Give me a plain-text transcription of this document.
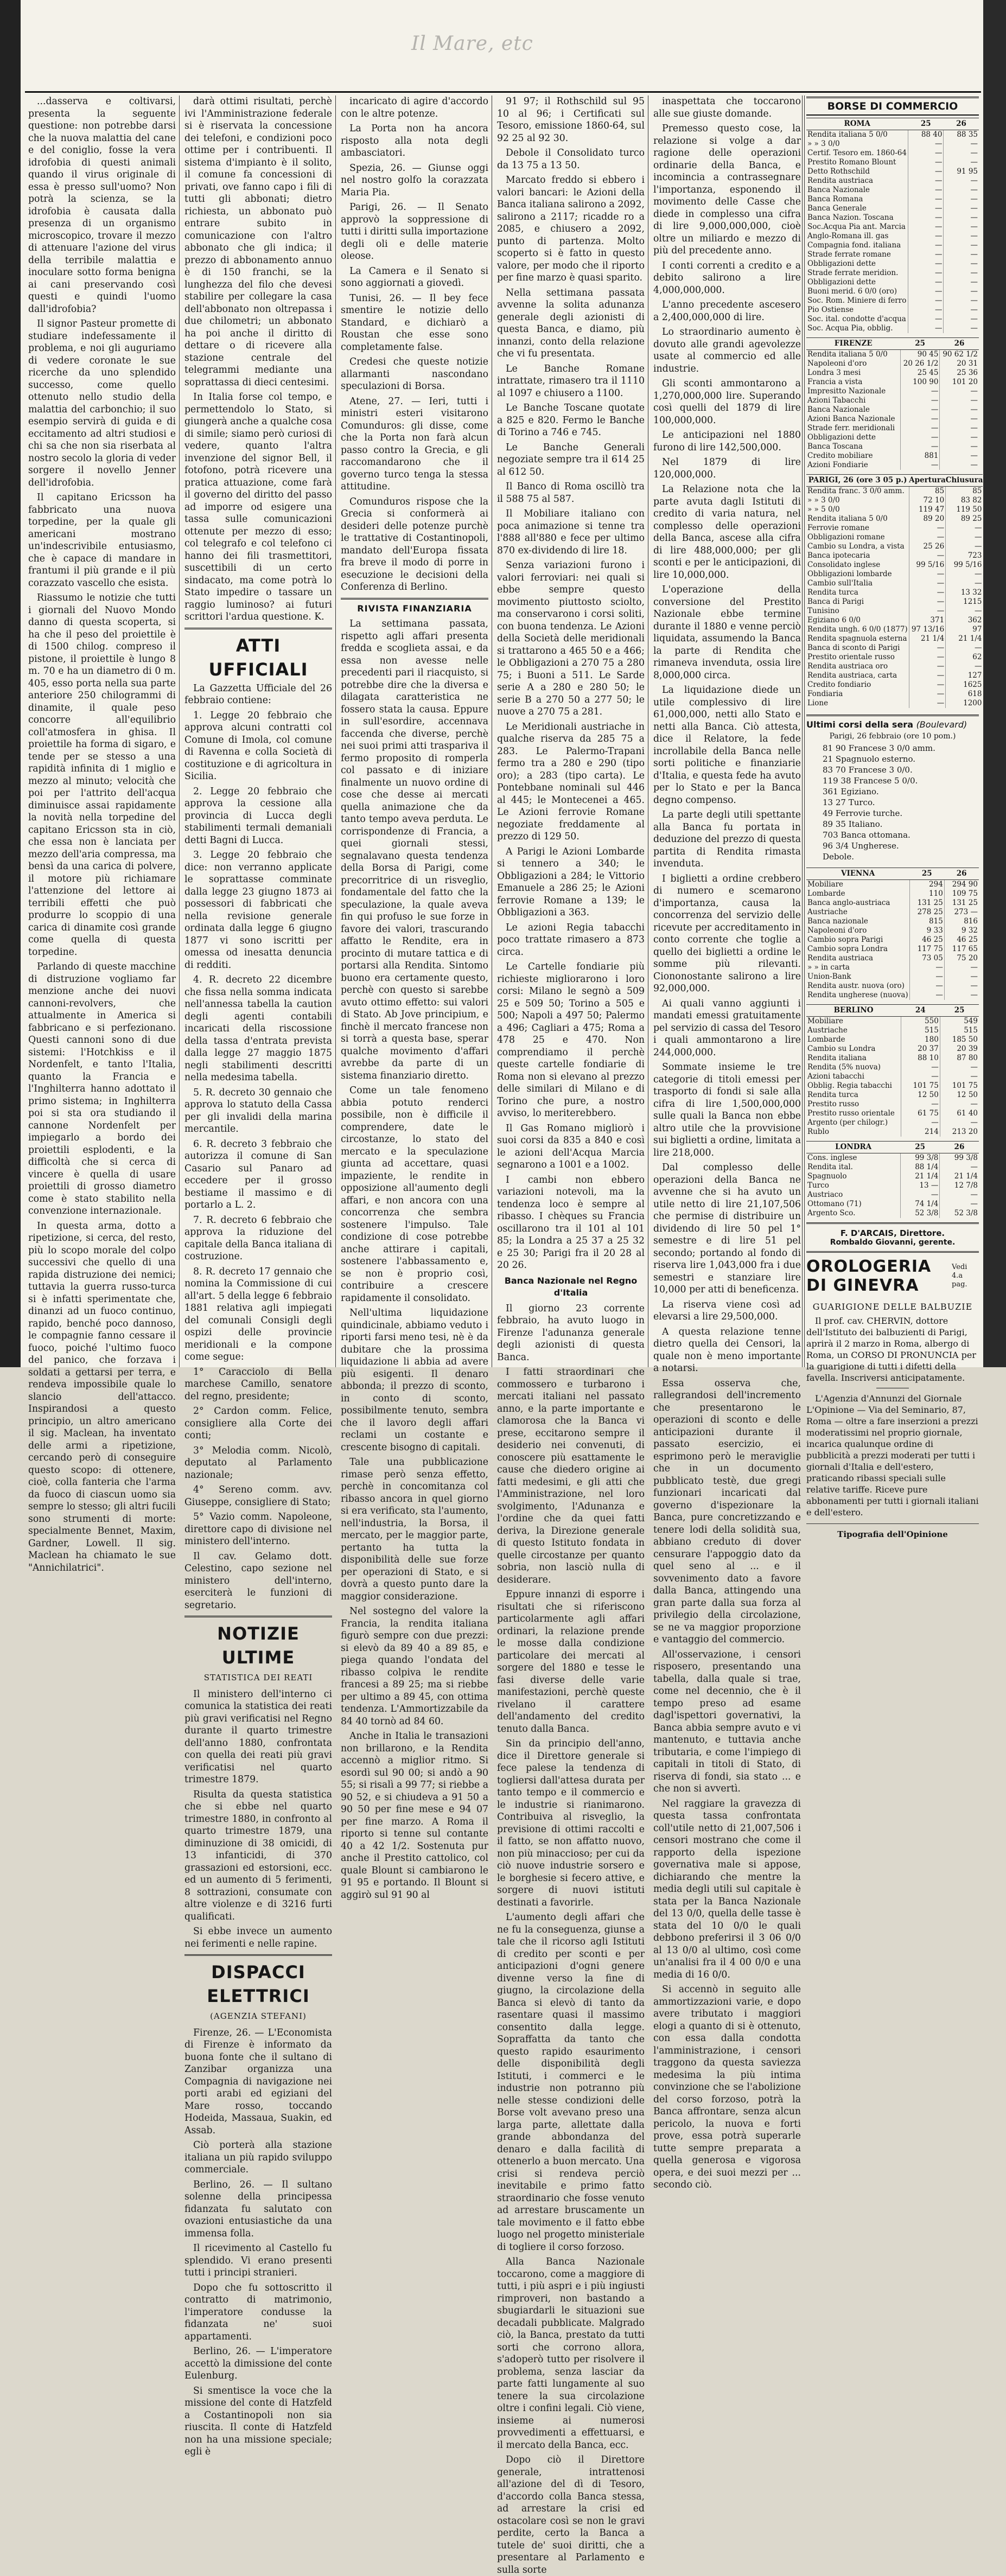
Il Mare, etc

...dasserva e coltivarsi, presenta la seguente questione: non potrebbe darsi che la nuova malattia del cane e del coniglio, fosse la vera idrofobia di questi animali quando il virus originale di essa è presso sull'uomo? Non potrà la scienza, se la idrofobia è causata dalla presenza di un organismo microscopico, trovare il mezzo di attenuare l'azione del virus della terribile malattia e inoculare sotto forma benigna ai cani preservando così questi e quindi l'uomo dall'idrofobia?

Il signor Pasteur promette di studiare indefessamente il problema, e noi gli auguriamo di vedere coronate le sue ricerche da uno splendido successo, come quello ottenuto nello studio della malattia del carbonchio; il suo esempio servirà di guida e di eccitamento ad altri studiosi e chi sa che non sia riserbata al nostro secolo la gloria di veder sorgere il novello Jenner dell'idrofobia.

Il capitano Ericsson ha fabbricato una nuova torpedine, per la quale gli americani mostrano un'indescrivibile entusiasmo, che è capace di mandare in frantumi il più grande e il più corazzato vascello che esista.

Riassumo le notizie che tutti i giornali del Nuovo Mondo danno di questa scoperta, si ha che il peso del proiettile è di 1500 chilog. compreso il pistone, il proiettile è lungo 8 m. 70 e ha un diametro di 0 m. 405, esso porta nella sua parte anteriore 250 chilogrammi di dinamite, il quale peso concorre all'equilibrio coll'atmosfera in ghisa. Il proiettile ha forma di sigaro, e tende per se stesso a una rapidità infinita di 1 miglio e mezzo al minuto; velocità che poi per l'attrito dell'acqua diminuisce assai rapidamente la novità nella torpedine del capitano Ericsson sta in ciò, che essa non è lanciata per mezzo dell'aria compressa, ma bensì da una carica di polvere, il motore più richiamare l'attenzione del lettore ai terribili effetti che può produrre lo scoppio di una carica di dinamite così grande come quella di questa torpedine.

Parlando di queste macchine di distruzione vogliamo far menzione anche dei nuovi cannoni-revolvers, che attualmente in America si fabbricano e si perfezionano. Questi cannoni sono di due sistemi: l'Hotchkiss e il Nordenfelt, e tanto l'Italia, quanto la Francia e l'Inghilterra hanno adottato il primo sistema; in Inghilterra poi si sta ora studiando il cannone Nordenfelt per impiegarlo a bordo dei proiettili esplodenti, e la difficoltà che si cerca di vincere è quella di usare proiettili di grosso diametro come è stato stabilito nella convenzione internazionale.

In questa arma, dotto a ripetizione, si cerca, del resto, più lo scopo morale del colpo successivi che quello di una rapida distruzione dei nemici; tuttavia la guerra russo-turca si è infatti sperimentate che, dinanzi ad un fuoco continuo, rapido, benché poco dannoso, le compagnie fanno cessare il fuoco, poiché l'ultimo fuoco del panico, che forzava i soldati a gettarsi per terra, e rendeva impossibile quale lo slancio dell'attacco. Inspirandosi a questo principio, un altro americano il sig. Maclean, ha inventato delle armi a ripetizione, cercando però di conseguire questo scopo: di ottenere, cioè, colla fanteria che l'arma da fuoco di ciascun uomo sia sempre lo stesso; gli altri fucili sono strumenti di morte: specialmente Bennet, Maxim, Gardner, Lowell. Il sig. Maclean ha chiamato le sue "Annichilatrici".

darà ottimi risultati, perchè ivi l'Amministrazione federale si è riservata la concessione dei telefoni, e condizioni poco ottime per i contribuenti. Il sistema d'impianto è il solito, il comune fa concessioni di privati, ove fanno capo i fili di tutti gli abbonati; dietro richiesta, un abbonato può entrare subito in comunicazione con l'altro abbonato che gli indica; il prezzo di abbonamento annuo è di 150 franchi, se la lunghezza del filo che devesi stabilire per collegare la casa dell'abbonato non oltrepassa i due chilometri; un abbonato ha poi anche il diritto di dettare o di ricevere alla stazione centrale del telegrammi mediante una soprattassa di dieci centesimi.

In Italia forse col tempo, e permettendolo lo Stato, si giungerà anche a qualche cosa di simile; siamo però curiosi di vedere, quanto l'altra invenzione del signor Bell, il fotofono, potrà ricevere una pratica attuazione, come farà il governo del diritto del passo ad imporre od esigere una tassa sulle comunicazioni ottenute per mezzo di esso; col telegrafo e col telefono ci hanno dei fili trasmettitori, suscettibili di un certo sindacato, ma come potrà lo Stato impedire o tassare un raggio luminoso? ai futuri scrittori l'ardua questione. K.

ATTI UFFICIALI

La Gazzetta Ufficiale del 26 febbraio contiene:

1. Legge 20 febbraio che approva alcuni contratti col Comune di Imola, col comune di Ravenna e colla Società di costituzione e di agricoltura in Sicilia.

2. Legge 20 febbraio che approva la cessione alla provincia di Lucca degli stabilimenti termali demaniali detti Bagni di Lucca.

3. Legge 20 febbraio che dice: non verranno applicate le soprattasse comminate dalla legge 23 giugno 1873 ai possessori di fabbricati che nella revisione generale ordinata dalla legge 6 giugno 1877 vi sono iscritti per omessa od inesatta denuncia di redditi.

4. R. decreto 22 dicembre che fissa nella somma indicata nell'annessa tabella la caution degli agenti contabili incaricati della riscossione della tassa d'entrata prevista dalla legge 27 maggio 1875 negli stabilimenti descritti nella medesima tabella.

5. R. decreto 30 gennaio che approva lo statuto della Cassa per gli invalidi della marina mercantile.

6. R. decreto 3 febbraio che autorizza il comune di San Casario sul Panaro ad eccedere per il grosso bestiame il massimo e di portarlo a L. 2.

7. R. decreto 6 febbraio che approva la riduzione del capitale della Banca italiana di costruzione.

8. R. decreto 17 gennaio che nomina la Commissione di cui all'art. 5 della legge 6 febbraio 1881 relativa agli impiegati del comunali Consigli degli ospizi delle provincie meridionali e la compone come segue:

1° Caracciolo di Bella marchese Camillo, senatore del regno, presidente;

2° Cardon comm. Felice, consigliere alla Corte dei conti;

3° Melodia comm. Nicolò, deputato al Parlamento nazionale;

4° Sereno comm. avv. Giuseppe, consigliere di Stato;

5° Vazio comm. Napoleone, direttore capo di divisione nel ministero dell'interno.

Il cav. Gelamo dott. Celestino, capo sezione nel ministero dell'interno, eserciterà le funzioni di segretario.

NOTIZIE ULTIME
STATISTICA DEI REATI

Il ministero dell'interno ci comunica la statistica dei reati più gravi verificatisi nel Regno durante il quarto trimestre dell'anno 1880, confrontata con quella dei reati più gravi verificatisi nel quarto trimestre 1879.

Risulta da questa statistica che si ebbe nel quarto trimestre 1880, in confronto al quarto trimestre 1879, una diminuzione di 38 omicidi, di 13 infanticidi, di 370 grassazioni ed estorsioni, ecc. ed un aumento di 5 ferimenti, 8 sottrazioni, consumate con altre violenze e di 3216 furti qualificati.

Si ebbe invece un aumento nei ferimenti e nelle rapine.

DISPACCI ELETTRICI
(AGENZIA STEFANI)

Firenze, 26. — L'Economista di Firenze è informato da buona fonte che il sultano di Zanzibar organizza una Compagnia di navigazione nei porti arabi ed egiziani del Mare rosso, toccando Hodeida, Massaua, Suakin, ed Assab.

Ciò porterà alla stazione italiana un più rapido sviluppo commerciale.

Berlino, 26. — Il sultano solenne della principessa fidanzata fu salutato con ovazioni entusiastiche da una immensa folla.

Il ricevimento al Castello fu splendido. Vi erano presenti tutti i principi stranieri.

Dopo che fu sottoscritto il contratto di matrimonio, l'imperatore condusse la fidanzata ne' suoi appartamenti.

Berlino, 26. — L'imperatore accettò la dimissione del conte Eulenburg.

Si smentisce la voce che la missione del conte di Hatzfeld a Costantinopoli non sia riuscita. Il conte di Hatzfeld non ha una missione speciale; egli è

incaricato di agire d'accordo con le altre potenze.

La Porta non ha ancora risposto alla nota degli ambasciatori.

Spezia, 26. — Giunse oggi nel nostro golfo la corazzata Maria Pia.

Parigi, 26. — Il Senato approvò la soppressione di tutti i diritti sulla importazione degli oli e delle materie oleose.

La Camera e il Senato si sono aggiornati a giovedì.

Tunisi, 26. — Il bey fece smentire le notizie dello Standard, e dichiarò a Roustan che esse sono completamente false.

Credesi che queste notizie allarmanti nascondano speculazioni di Borsa.

Atene, 27. — Ieri, tutti i ministri esteri visitarono Comunduros: gli disse, come che la Porta non farà alcun passo contro la Grecia, e gli raccomandarono che il governo turco tenga la stessa attitudine.

Comunduros rispose che la Grecia si conformerà ai desideri delle potenze purchè le trattative di Costantinopoli, mandato dell'Europa fissata fra breve il modo di porre in esecuzione le decisioni della Conferenza di Berlino.

RIVISTA FINANZIARIA

La settimana passata, rispetto agli affari presenta fredda e scoglieta assai, e da essa non avesse nelle precedenti pari il riacquisto, si potrebbe dire che la diversa e dilagata caratteristica ne fossero stata la causa. Eppure in sull'esordire, accennava faccenda che diverse, perchè nei suoi primi atti traspariva il fermo proposito di romperla col passato e di iniziare finalmente un nuovo ordine di cose che desse ai mercati quella animazione che da tanto tempo aveva perduta. Le corrispondenze di Francia, a quei giornali stessi, segnalavano questa tendenza della Borsa di Parigi, come precorritrice di un risveglio, fondamentale del fatto che la speculazione, la quale aveva fin qui profuso le sue forze in favore dei valori, trascurando affatto le Rendite, era in procinto di mutare tattica e di portarsi alla Rendita. Sintomo buono era certamente questo, perchè con questo si sarebbe avuto ottimo effetto: sui valori di Stato. Ab Jove principium, e finchè il mercato francese non si torrà a questa base, sperar qualche movimento d'affari avrebbe da parte di un sistema finanziario diretto.

Come un tale fenomeno abbia potuto renderci possibile, non è difficile il comprendere, date le circostanze, lo stato del mercato e la speculazione giunta ad accettare, quasi impaziente, le rendite in opposizione all'aumento degli affari, e non ancora con una concorrenza che sembra sostenere l'impulso. Tale condizione di cose potrebbe anche attirare i capitali, sostenere l'abbassamento e, se non è proprio così, contribuire a crescere rapidamente il consolidato.

Nell'ultima liquidazione quindicinale, abbiamo veduto i riporti farsi meno tesi, nè è da dubitare che la prossima liquidazione li abbia ad avere più esigenti. Il denaro abbonda; il prezzo di sconto, in conto di sconto, possibilmente tenuto, sembra che il lavoro degli affari reclami un costante e crescente bisogno di capitali.

Tale una pubblicazione rimase però senza effetto, perchè in concomitanza col ribasso ancora in quel giorno si era verificato, sta l'aumento, nell'industria, la Borsa, il mercato, per le maggior parte, pertanto ha tutta la disponibilità delle sue forze per operazioni di Stato, e si dovrà a questo punto dare la maggior considerazione.

Nel sostegno del valore la Francia, la rendita italiana figurò sempre con due prezzi: si elevò da 89 40 a 89 85, e piega quando l'ondata del ribasso colpiva le rendite francesi a 89 25; ma si riebbe per ultimo a 89 45, con ottima tendenza. L'Ammortizzabile da 84 40 tornò ad 84 60.

Anche in Italia le transazioni non brillarono, e la Rendita accennò a miglior ritmo. Si esordì sul 90 00; si andò a 90 55; si risalì a 99 77; si riebbe a 90 52, e si chiudeva a 91 50 a 90 50 per fine mese e 94 07 per fine marzo. A Roma il riporto si tenne sul contante 40 a 42 1/2. Sostenuta pur anche il Prestito cattolico, col quale Blount si cambiarono le 91 95 e portando. Il Blount si aggirò sul 91 90 al

91 97; il Rothschild sul 95 10 al 96; i Certificati sul Tesoro, emissione 1860-64, sul 92 25 al 92 30.

Debole il Consolidato turco da 13 75 a 13 50.

Marcato freddo si ebbero i valori bancari: le Azioni della Banca italiana salirono a 2092, salirono a 2117; ricadde ro a 2085, e chiusero a 2092, punto di partenza. Molto scoperto si è fatto in questo valore, per modo che il riporto per fine marzo è quasi sparito.

Nella settimana passata avvenne la solita adunanza generale degli azionisti di questa Banca, e diamo, più innanzi, conto della relazione che vi fu presentata.

Le Banche Romane intrattate, rimasero tra il 1110 al 1097 e chiusero a 1100.

Le Banche Toscane quotate a 825 e 820. Fermo le Banche di Torino a 746 e 745.

Le Banche Generali negoziate sempre tra il 614 25 al 612 50.

Il Banco di Roma oscillò tra il 588 75 al 587.

Il Mobiliare italiano con poca animazione si tenne tra l'888 all'880 e fece per ultimo 870 ex-dividendo di lire 18.

Senza variazioni furono i valori ferroviari: nei quali si ebbe sempre questo movimento piuttosto sciolto, ma conservarono i corsi soliti, con buona tendenza. Le Azioni della Società delle meridionali si trattarono a 465 50 e a 466; le Obbligazioni a 270 75 a 280 75; i Buoni a 511. Le Sarde serie A a 280 e 280 50; le serie B a 270 50 a 277 50; le nuove a 270 75 a 281.

Le Meridionali austriache in qualche riserva da 285 75 a 283. Le Palermo-Trapani fermo tra a 280 e 290 (tipo oro); a 283 (tipo carta). Le Pontebbane nominali sul 446 al 445; le Montecenei a 465. Le Azioni ferrovie Romane negoziate freddamente al prezzo di 129 50.

A Parigi le Azioni Lombarde si tennero a 340; le Obbligazioni a 284; le Vittorio Emanuele a 286 25; le Azioni ferrovie Romane a 139; le Obbligazioni a 363.

Le azioni Regia tabacchi poco trattate rimasero a 873 circa.

Le Cartelle fondiarie più richieste migliorarono i loro corsi: Milano le segnò a 509 25 e 509 50; Torino a 505 e 500; Napoli a 497 50; Palermo a 496; Cagliari a 475; Roma a 478 25 e 470. Non comprendiamo il perchè queste cartelle fondiarie di Roma non si elevano al prezzo delle similari di Milano e di Torino che pure, a nostro avviso, lo meriterebbero.

Il Gas Romano migliorò i suoi corsi da 835 a 840 e così le azioni dell'Acqua Marcia segnarono a 1001 e a 1002.

I cambi non ebbero variazioni notevoli, ma la tendenza loco è sempre al ribasso. I chèques su Francia oscillarono tra il 101 al 101 85; la Londra a 25 37 a 25 32 e 25 30; Parigi fra il 20 28 al 20 26.

Banca Nazionale nel Regno d'Italia

Il giorno 23 corrente febbraio, ha avuto luogo in Firenze l'adunanza generale degli azionisti di questa Banca.

I fatti straordinari che commossero e turbarono i mercati italiani nel passato anno, e la parte importante e clamorosa che la Banca vi prese, eccitarono sempre il desiderio nei convenuti, di conoscere più esattamente le cause che diedero origine ai fatti medesimi, e gli atti che l'Amministrazione, nel loro svolgimento, l'Adunanza e l'ordine che da quei fatti deriva, la Direzione generale di questo Istituto fondata in quelle circostanze per quanto sobria, non lasciò nulla di desiderare.

Eppure innanzi di esporre i risultati che si riferiscono particolarmente agli affari ordinari, la relazione prende le mosse dalla condizione particolare dei mercati al sorgere del 1880 e tesse le fasi diverse delle varie manifestazioni, perchè queste rivelano il carattere dell'andamento del credito tenuto dalla Banca.

Sin da principio dell'anno, dice il Direttore generale si fece palese la tendenza di togliersi dall'attesa durata per tanto tempo e il commercio e le industrie si rianimarono. Contribuiva al risveglio, la previsione di ottimi raccolti e il fatto, se non affatto nuovo, non più minaccioso; per cui da ciò nuove industrie sorsero e le borghesie si fecero attive, e sorgere di nuovi istituti destinati a favorirle.

L'aumento degli affari che ne fu la conseguenza, giunse a tale che il ricorso agli Istituti di credito per sconti e per anticipazioni d'ogni genere divenne verso la fine di giugno, la circolazione della Banca si elevò di tanto da rasentare quasi il massimo consentito dalla legge. Sopraffatta da tanto che questo rapido esaurimento delle disponibilità degli Istituti, i commerci e le industrie non potranno più nelle stesse condizioni delle Borse volt avevano preso una larga parte, allettate dalla grande abbondanza del denaro e dalla facilità di ottenerlo a buon mercato. Una crisi si rendeva perciò inevitabile e primo fatto straordinario che fosse venuto ad arrestare bruscamente un tale movimento e il fatto ebbe luogo nel progetto ministeriale di togliere il corso forzoso.

Alla Banca Nazionale toccarono, come a maggiore di tutti, i più aspri e i più ingiusti rimproveri, non bastando a sbugiardarli le situazioni sue decadali pubblicate. Malgrado ciò, la Banca, prestato da tutti sorti che corrono allora, s'adoperò tutto per risolvere il problema, senza lasciar da parte fatti lungamente al suo tenere la sua circolazione oltre i confini legali. Ciò viene, insieme ai numerosi provvedimenti a effettuarsi, e il mercato della Banca, ecc.

Dopo ciò il Direttore generale, intrattenosi all'azione del dì di Tesoro, d'accordo colla Banca stessa, ad arrestare la crisi ed ostacolare così se non le gravi perdite, certo la Banca a tutele de' suoi diritti, che a presentare al Parlamento e sulla sorte

inaspettata che toccarono alle sue giuste domande.

Premesso questo cose, la relazione si volge a dar ragione delle operazioni ordinarie della Banca, e incomincia a contrassegnare l'importanza, esponendo il movimento delle Casse che diede in complesso una cifra di lire 9,000,000,000, cioè oltre un miliardo e mezzo di più del precedente anno.

I conti correnti a credito e a debito salirono a lire 4,000,000,000.

L'anno precedente ascesero a 2,400,000,000 di lire.

Lo straordinario aumento è dovuto alle grandi agevolezze usate al commercio ed alle industrie.

Gli sconti ammontarono a 1,270,000,000 lire. Superando così quelli del 1879 di lire 100,000,000.

Le anticipazioni nel 1880 furono di lire 142,500,000.

Nel 1879 di lire 120,000,000.

La Relazione nota che la parte avuta dagli Istituti di credito di varia natura, nel complesso delle operazioni della Banca, ascese alla cifra di lire 488,000,000; per gli sconti e per le anticipazioni, di lire 10,000,000.

L'operazione della conversione del Prestito Nazionale ebbe termine durante il 1880 e venne perciò liquidata, assumendo la Banca la parte di Rendita che rimaneva invenduta, ossia lire 8,000,000 circa.

La liquidazione diede un utile complessivo di lire 61,000,000, netti allo Stato e netti alla Banca. Ciò attesta, dice il Relatore, la fede incrollabile della Banca nelle sorti politiche e finanziarie d'Italia, e questa fede ha avuto per lo Stato e per la Banca degno compenso.

La parte degli utili spettante alla Banca fu portata in deduzione del prezzo di questa partita di Rendita rimasta invenduta.

I biglietti a ordine crebbero di numero e scemarono d'importanza, causa la concorrenza del servizio delle ricevute per accreditamento in conto corrente che toglie a quello dei biglietti a ordine le somme più rilevanti. Ciononostante salirono a lire 92,000,000.

Ai quali vanno aggiunti i mandati emessi gratuitamente pel servizio di cassa del Tesoro i quali ammontarono a lire 244,000,000.

Sommate insieme le tre categorie di titoli emessi per trasporto di fondi si sale alla cifra di lire 1,500,000,000 sulle quali la Banca non ebbe altro utile che la provvisione sui biglietti a ordine, limitata a lire 218,000.

Dal complesso delle operazioni della Banca ne avvenne che si ha avuto un utile netto di lire 21,107,506 che permise di distribuire un dividendo di lire 50 pel 1° semestre e di lire 51 pel secondo; portando al fondo di riserva lire 1,043,000 fra i due semestri e stanziare lire 10,000 per atti di beneficenza.

La riserva viene così ad elevarsi a lire 29,500,000.

A questa relazione tenne dietro quella dei Censori, la quale non è meno importante a notarsi.

Essa osserva che, rallegrandosi dell'incremento che presentarono le operazioni di sconto e delle anticipazioni durante il passato esercizio, ei esprimono però le meraviglie che in un documento pubblicato testè, due gregi funzionari incaricati dal governo d'ispezionare la Banca, pure concretizzando e tenere lodi della solidità sua, abbiano creduto di dover censurare l'appoggio dato da quel seno al ... e il sovvenimento dato a favore dalla Banca, attingendo una gran parte dalla sua forza al privilegio della circolazione, se ne va maggior proporzione e vantaggio del commercio.

All'osservazione, i censori risposero, presentando una tabella, dalla quale si trae, come nel decennio, che è il tempo preso ad esame dagl'ispettori governativi, la Banca abbia sempre avuto e vi mantenuto, e tuttavia anche tributaria, e come l'impiego di capitali in titoli di Stato, di riserva di fondi, sia stato ... e che non si avvertì.

Nel raggiare la gravezza di questa tassa confrontata coll'utile netto di 21,007,506 i censori mostrano che come il rapporto della ispezione governativa male si appose, dichiarando che mentre la media degli utili sul capitale è stata per la Banca Nazionale del 13 0/0, quella delle tasse è stata del 10 0/0 le quali debbono preferirsi il 3 06 0/0 al 13 0/0 al ultimo, così come un'analisi fra il 4 00 0/0 e una media di 16 0/0.

Si accennò in seguito alle ammortizzazioni varie, e dopo avere tributato i maggiori elogi a quanto di si è ottenuto, con essa dalla condotta l'amministrazione, i censori traggono da questa saviezza medesima la più intima convinzione che se l'abolizione del corso forzoso, potrà la Banca affrontare, senza alcun pericolo, la nuova e forti prove, essa potrà superarle tutte sempre preparata a quella generosa e vigorosa opera, e dei suoi mezzi per ... secondo ciò.

BORSE DI COMMERCIO
ROMA	25	26
Rendita italiana 5 0/0	88 40	88 35
» » 3 0/0	—	—
Certif. Tesoro em. 1860-64	—	—
Prestito Romano Blount	—	—
Detto Rothschild	—	91 95
Rendita austriaca	—	—
Banca Nazionale	—	—
Banca Romana	—	—
Banca Generale	—	—
Banca Nazion. Toscana	—	—
Soc.Acqua Pia ant. Marcia	—	—
Anglo-Romana ill. gas	—	—
Compagnia fond. italiana	—	—
Strade ferrate romane	—	—
Obbligazioni dette	—	—
Strade ferrate meridion.	—	—
Obbligazioni dette	—	—
Buoni merid. 6 0/0 (oro)	—	—
Soc. Rom. Miniere di ferro	—	—
Pio Ostiense	—	—
Soc. ital. condotte d'acqua	—	—
Soc. Acqua Pia, obblig.	—	—
FIRENZE	25	26
Rendita italiana 5 0/0	90 45	90 62 1/2
Napoleoni d'oro	20 26 1/2	20 31
Londra 3 mesi	25 45	25 36
Francia a vista	100 90	101 20
Impresitto Nazionale	—	—
Azioni Tabacchi	—	—
Banca Nazionale	—	—
Azioni Banca Nazionale	—	—
Strade ferr. meridionali	—	—
Obbligazioni dette	—	—
Banca Toscana	—	—
Credito mobiliare	881	—
Azioni Fondiarie	—	—
PARIGI, 26 (ore 3 05 p.)	Apertura	Chiusura
Rendita franc. 3 0/0 amm.	85	85
» » 3 0/0	72 10	83 82
» » 5 0/0	119 47	119 50
Rendita italiana 5 0/0	89 20	89 25
Ferrovie romane	—	—
Obbligazioni romane	—	—
Cambio su Londra, a vista	25 26	—
Banca ipotecaria	—	723
Consolidato inglese	99 5/16	99 5/16
Obbligazioni lombarde	—	—
Cambio sull'Italia	—	—
Rendita turca	—	13 32
Banca di Parigi	—	1215
Tunisino	—	—
Egiziano 6 0/0	371	362
Rendita ungh. 6 0/0 (1877)	97 13/16	97
Rendita spagnuola esterna	21 1/4	21 1/4
Banca di sconto di Parigi	—	—
Prestito orientale russo	—	62
Rendita austriaca oro	—	—
Rendita austriaca, carta	—	127
Credito fondiario	—	1625
Fondiaria	—	618
Lione	—	1200
Ultimi corsi della sera (Boulevard)
Parigi, 26 febbraio (ore 10 pom.)
81 90 Francese 3 0/0 amm.
21 Spagnuolo esterno.
83 70 Francese 3 0/0.
119 38 Francese 5 0/0.
361 Egiziano.
13 27 Turco.
49 Ferrovie turche.
89 35 Italiano.
703 Banca ottomana.
96 3/4 Ungherese.
Debole.
VIENNA	25	26
Mobiliare	294	294 90
Lombarde	110	109 75
Banca anglo-austriaca	131 25	131 25
Austriache	278 25	273 —
Banca nazionale	815	816
Napoleoni d'oro	9 33	9 32
Cambio sopra Parigi	46 25	46 25
Cambio sopra Londra	117 75	117 65
Rendita austriaca	73 05	75 20
» » in carta	—	—
Union-Bank	—	—
Rendita austr. nuova (oro)	—	—
Rendita ungherese (nuova)	—	—
BERLINO	24	25
Mobiliare	550	549
Austriache	515	515
Lombarde	180	185 50
Cambio su Londra	20 37	20 39
Rendita italiana	88 10	87 80
Rendita (5% nuova)	—	—
Azioni tabacchi	—	—
Obblig. Regia tabacchi	101 75	101 75
Rendita turca	12 50	12 50
Prestito russo	—	—
Prestito russo orientale	61 75	61 40
Argento (per chilogr.)	—	—
Rublo	214	213 20
LONDRA	25	26
Cons. inglese	99 3/8	99 3/8
Rendita ital.	88 1/4	—
Spagnuolo	21 1/4	21 1/4
Turco	13 —	12 7/8
Austriaco	—	—
Ottomano (71)	74 1/4	—
Argento Sco.	52 3/8	52 3/8
F. D'ARCAIS, Direttore.
Rombaldo Giovanni, gerente.
OROLOGERIA DI GINEVRA
Vedi 4.a pag.
GUARIGIONE DELLE BALBUZIE

Il prof. cav. CHERVIN, dottore dell'Istituto dei balbuzienti di Parigi, aprirà il 2 marzo in Roma, albergo di Roma, un CORSO DI PRONUNCIA per la guarigione di tutti i difetti della favella. Inscriversi anticipatamente.

L'Agenzia d'Annunzi del Giornale L'Opinione — Via del Seminario, 87, Roma — oltre a fare inserzioni a prezzi moderatissimi nel proprio giornale, incarica qualunque ordine di pubblicità a prezzi moderati per tutti i giornali d'Italia e dell'estero, praticando ribassi speciali sulle relative tariffe. Riceve pure abbonamenti per tutti i giornali italiani e dell'estero.

Tipografia dell'Opinione
